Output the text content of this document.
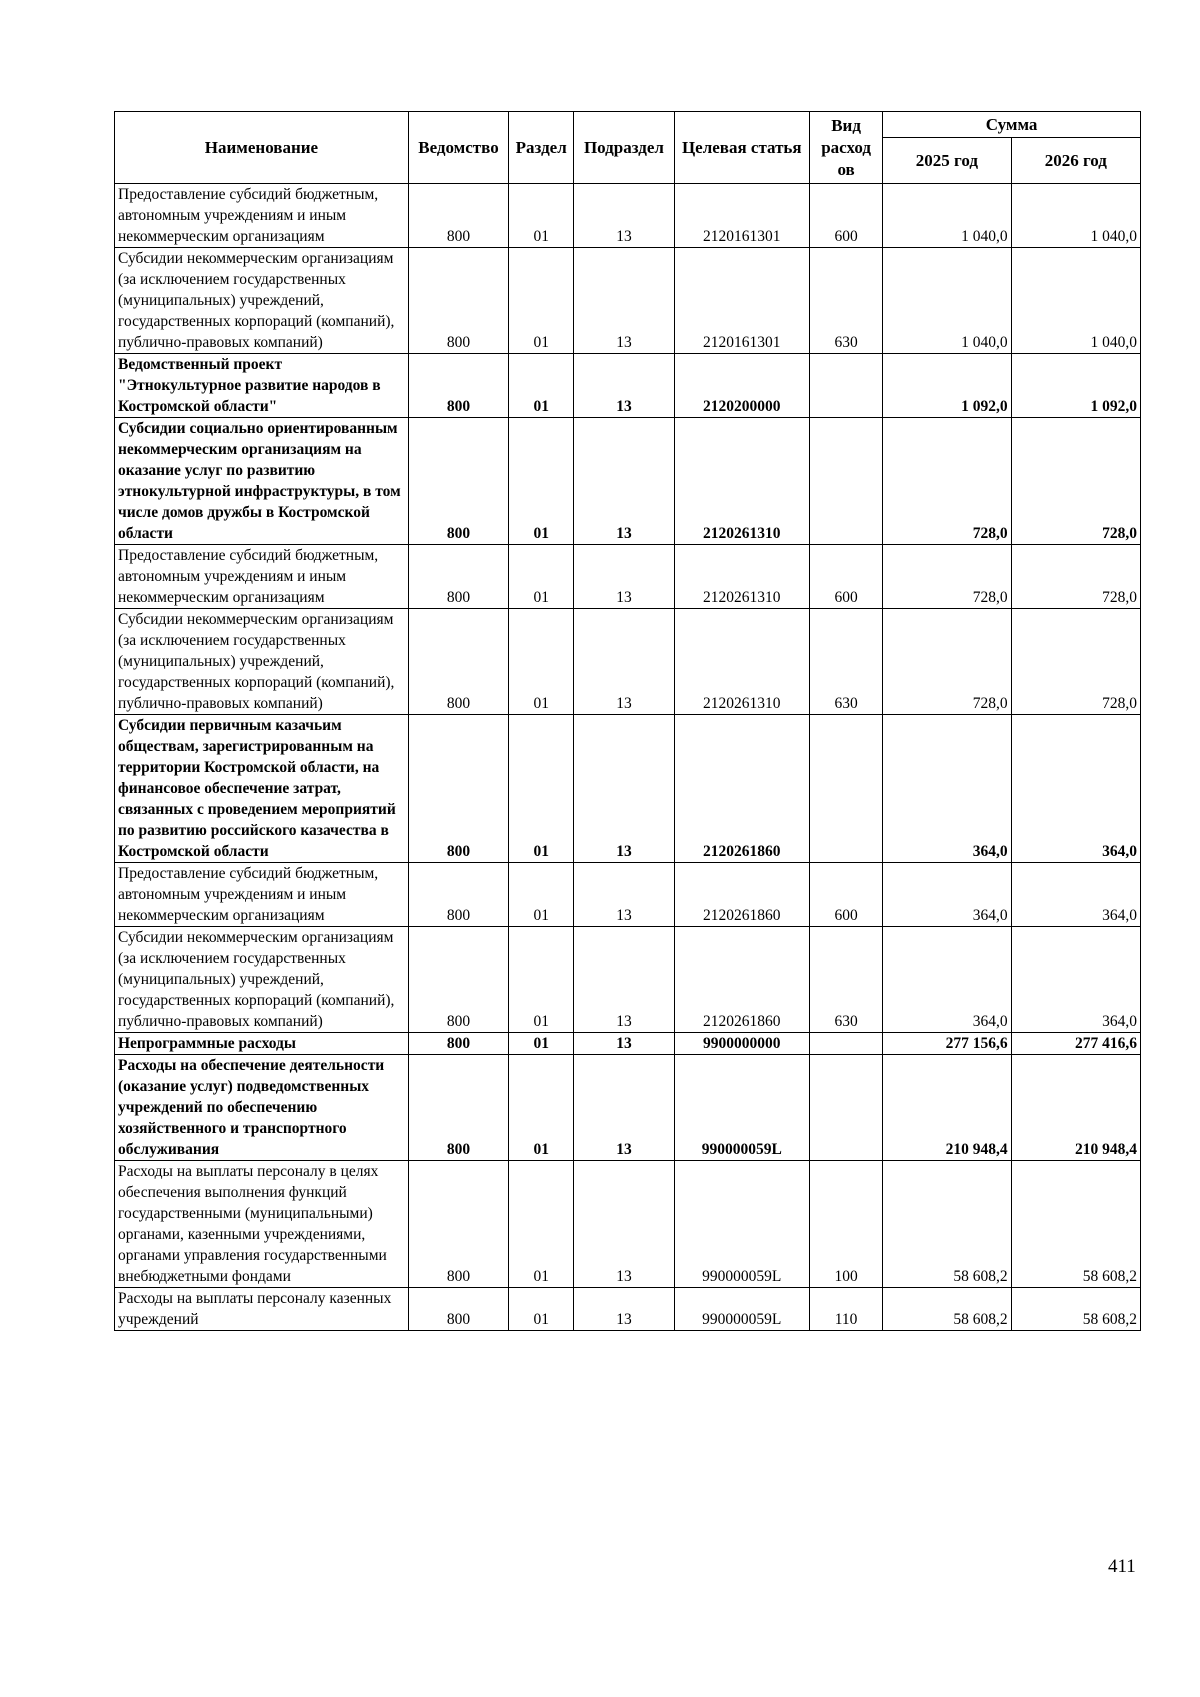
Наименование	Ведомство	Раздел	Подраздел	Целевая статья	Вид расход ов	Сумма	
						2025 год	2026 год
Предоставление субсидий бюджетным, автономным учреждениям и иным некоммерческим организациям	800	01	13	2120161301	600	1 040,0	1 040,0
Субсидии некоммерческим организациям (за исключением государственных (муниципальных) учреждений, государственных корпораций (компаний), публично-правовых компаний)	800	01	13	2120161301	630	1 040,0	1 040,0
Ведомственный проект "Этнокультурное развитие народов в Костромской области"	800	01	13	2120200000		1 092,0	1 092,0
Субсидии социально ориентированным некоммерческим организациям на оказание услуг по развитию этнокультурной инфраструктуры, в том числе домов дружбы в Костромской области	800	01	13	2120261310		728,0	728,0
Предоставление субсидий бюджетным, автономным учреждениям и иным некоммерческим организациям	800	01	13	2120261310	600	728,0	728,0
Субсидии некоммерческим организациям (за исключением государственных (муниципальных) учреждений, государственных корпораций (компаний), публично-правовых компаний)	800	01	13	2120261310	630	728,0	728,0
Субсидии первичным казачьим обществам, зарегистрированным на территории Костромской области, на финансовое обеспечение затрат, связанных с проведением мероприятий по развитию российского казачества в Костромской области	800	01	13	2120261860		364,0	364,0
Предоставление субсидий бюджетным, автономным учреждениям и иным некоммерческим организациям	800	01	13	2120261860	600	364,0	364,0
Субсидии некоммерческим организациям (за исключением государственных (муниципальных) учреждений, государственных корпораций (компаний), публично-правовых компаний)	800	01	13	2120261860	630	364,0	364,0
Непрограммные расходы	800	01	13	9900000000		277 156,6	277 416,6
Расходы на обеспечение деятельности (оказание услуг) подведомственных учреждений по обеспечению хозяйственного и транспортного обслуживания	800	01	13	990000059L		210 948,4	210 948,4
Расходы на выплаты персоналу в целях обеспечения выполнения функций государственными (муниципальными) органами, казенными учреждениями, органами управления государственными внебюджетными фондами	800	01	13	990000059L	100	58 608,2	58 608,2
Расходы на выплаты персоналу казенных учреждений	800	01	13	990000059L	110	58 608,2	58 608,2
411
